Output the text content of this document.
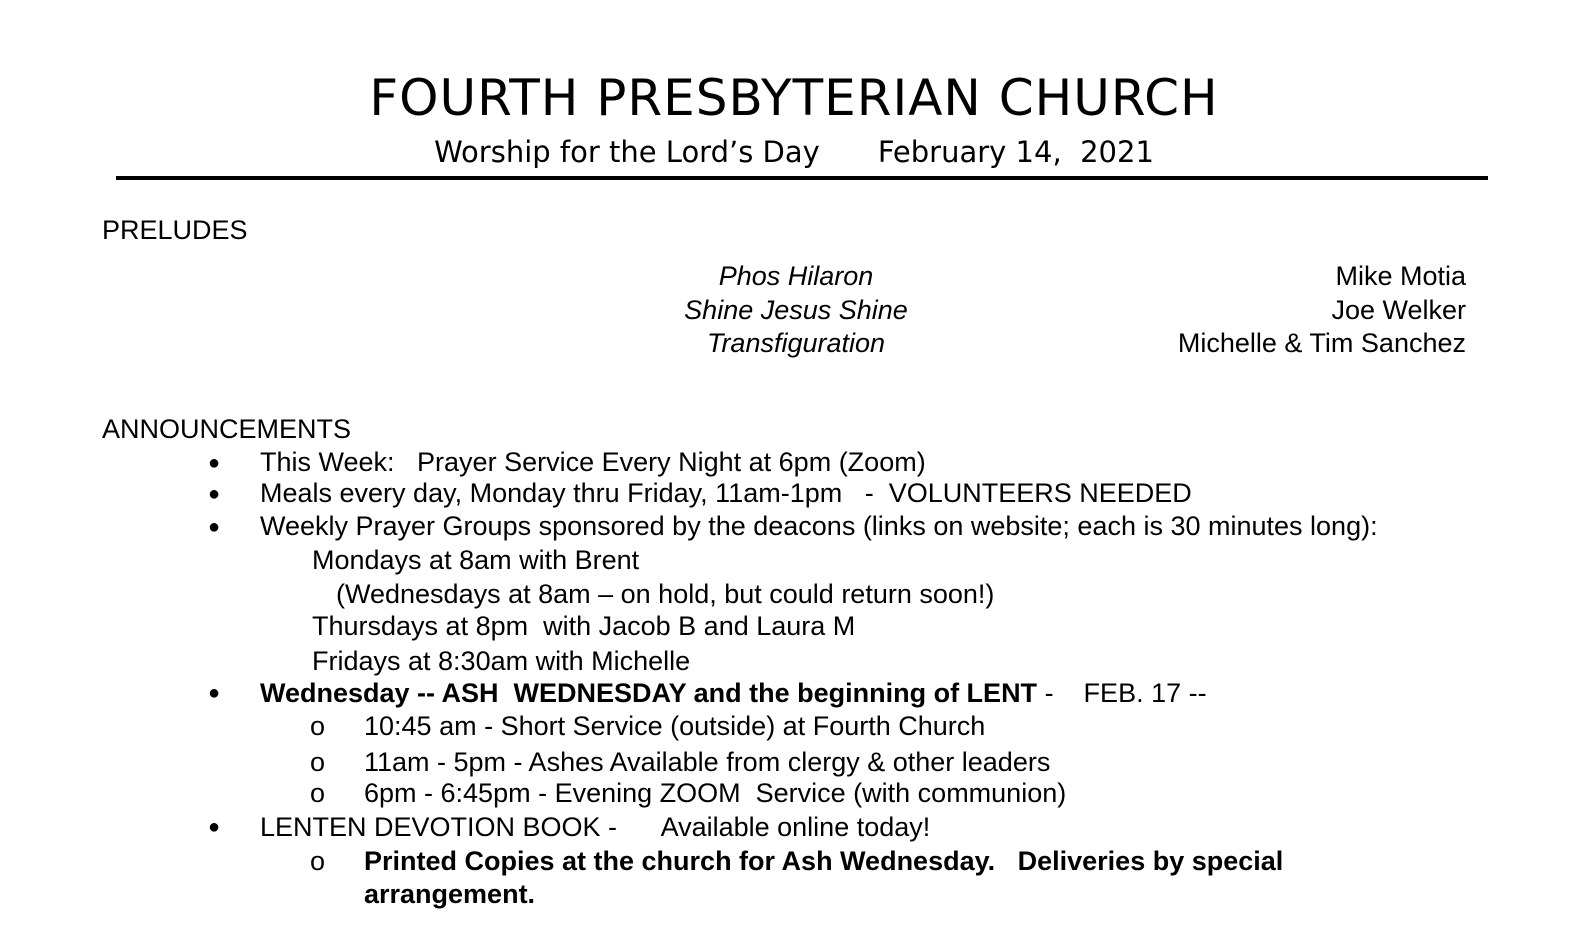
FOURTH PRESBYTERIAN CHURCH
Worship for the Lord’s Day February 14,  2021
PRELUDES
Phos Hilaron	Mike Motia
Shine Jesus Shine	Joe Welker
Transfiguration	Michelle & Tim Sanchez
ANNOUNCEMENTS
● This Week:   Prayer Service Every Night at 6pm (Zoom)
● Meals every day, Monday thru Friday, 11am-1pm   -  VOLUNTEERS NEEDED
● Weekly Prayer Groups sponsored by the deacons (links on website; each is 30 minutes long):
Mondays at 8am with Brent
(Wednesdays at 8am – on hold, but could return soon!)
Thursdays at 8pm  with Jacob B and Laura M
Fridays at 8:30am with Michelle
● Wednesday -- ASH  WEDNESDAY and the beginning of LENT -    FEB. 17 --
o 10:45 am - Short Service (outside) at Fourth Church
o 11am - 5pm - Ashes Available from clergy & other leaders
o 6pm - 6:45pm - Evening ZOOM  Service (with communion)
● LENTEN DEVOTION BOOK -      Available online today!
o Printed Copies at the church for Ash Wednesday.   Deliveries by special
arrangement.
